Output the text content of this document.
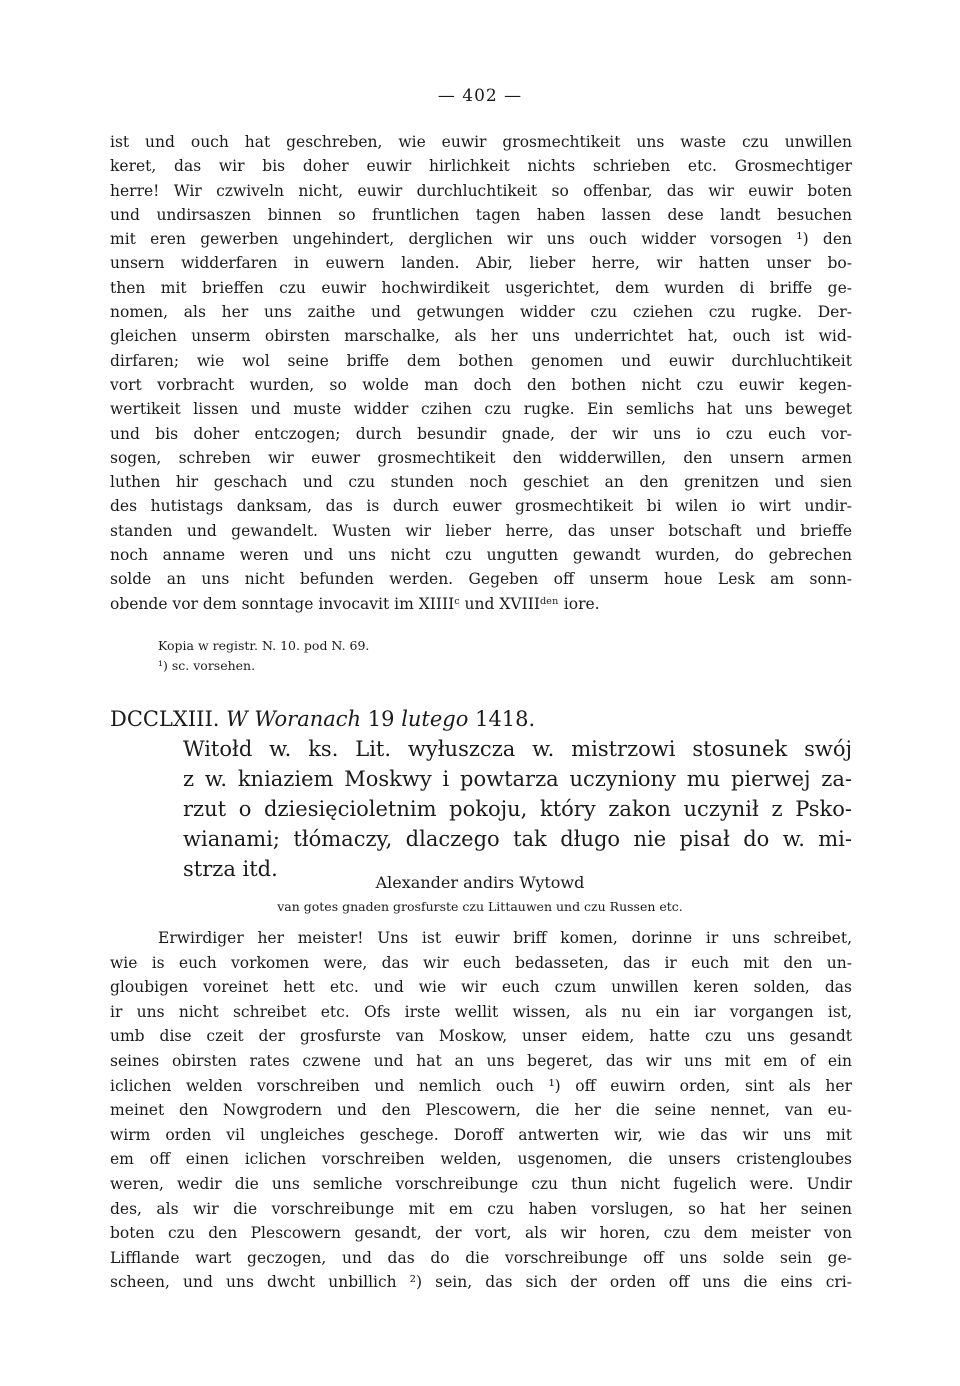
— 402 —
ist und ouch hat geschreben, wie euwir grosmechtikeit uns waste czu unwillen
keret, das wir bis doher euwir hirlichkeit nichts schrieben etc. Grosmechtiger
herre! Wir czwiveln nicht, euwir durchluchtikeit so offenbar, das wir euwir boten
und undirsaszen binnen so fruntlichen tagen haben lassen dese landt besuchen
mit eren gewerben ungehindert, derglichen wir uns ouch widder vorsogen ¹) den
unsern widderfaren in euwern landen. Abir, lieber herre, wir hatten unser bo-
then mit brieffen czu euwir hochwirdikeit usgerichtet, dem wurden di briffe ge-
nomen, als her uns zaithe und getwungen widder czu cziehen czu rugke. Der-
gleichen unserm obirsten marschalke, als her uns underrichtet hat, ouch ist wid-
dirfaren; wie wol seine briffe dem bothen genomen und euwir durchluchtikeit
vort vorbracht wurden, so wolde man doch den bothen nicht czu euwir kegen-
wertikeit lissen und muste widder czihen czu rugke. Ein semlichs hat uns beweget
und bis doher entczogen; durch besundir gnade, der wir uns io czu euch vor-
sogen, schreben wir euwer grosmechtikeit den widderwillen, den unsern armen
luthen hir geschach und czu stunden noch geschiet an den grenitzen und sien
des hutistags danksam, das is durch euwer grosmechtikeit bi wilen io wirt undir-
standen und gewandelt. Wusten wir lieber herre, das unser botschaft und brieffe
noch anname weren und uns nicht czu ungutten gewandt wurden, do gebrechen
solde an uns nicht befunden werden. Gegeben off unserm houe Lesk am sonn-
obende vor dem sonntage invocavit im XIIIIᶜ und XVIIIᵈᵉⁿ iore.
Kopia w registr. N. 10. pod N. 69.
¹) sc. vorsehen.
DCCLXIII. W Woranach 19 lutego 1418.
Witołd w. ks. Lit. wyłuszcza w. mistrzowi stosunek swój
z w. kniaziem Moskwy i powtarza uczyniony mu pierwej za-
rzut o dziesięcioletnim pokoju, który zakon uczynił z Psko-
wianami; tłómaczy, dlaczego tak długo nie pisał do w. mi-
strza itd.
Alexander andirs Wytowd
van gotes gnaden grosfurste czu Littauwen und czu Russen etc.
Erwirdiger her meister! Uns ist euwir briff komen, dorinne ir uns schreibet,
wie is euch vorkomen were, das wir euch bedasseten, das ir euch mit den un-
gloubigen voreinet hett etc. und wie wir euch czum unwillen keren solden, das
ir uns nicht schreibet etc. Ofs irste wellit wissen, als nu ein iar vorgangen ist,
umb dise czeit der grosfurste van Moskow, unser eidem, hatte czu uns gesandt
seines obirsten rates czwene und hat an uns begeret, das wir uns mit em of ein
iclichen welden vorschreiben und nemlich ouch ¹) off euwirn orden, sint als her
meinet den Nowgrodern und den Plescowern, die her die seine nennet, van eu-
wirm orden vil ungleiches geschege. Doroff antwerten wir, wie das wir uns mit
em off einen iclichen vorschreiben welden, usgenomen, die unsers cristengloubes
weren, wedir die uns semliche vorschreibunge czu thun nicht fugelich were. Undir
des, als wir die vorschreibunge mit em czu haben vorslugen, so hat her seinen
boten czu den Plescowern gesandt, der vort, als wir horen, czu dem meister von
Lifflande wart geczogen, und das do die vorschreibunge off uns solde sein ge-
scheen, und uns dwcht unbillich ²) sein, das sich der orden off uns die eins cri-
